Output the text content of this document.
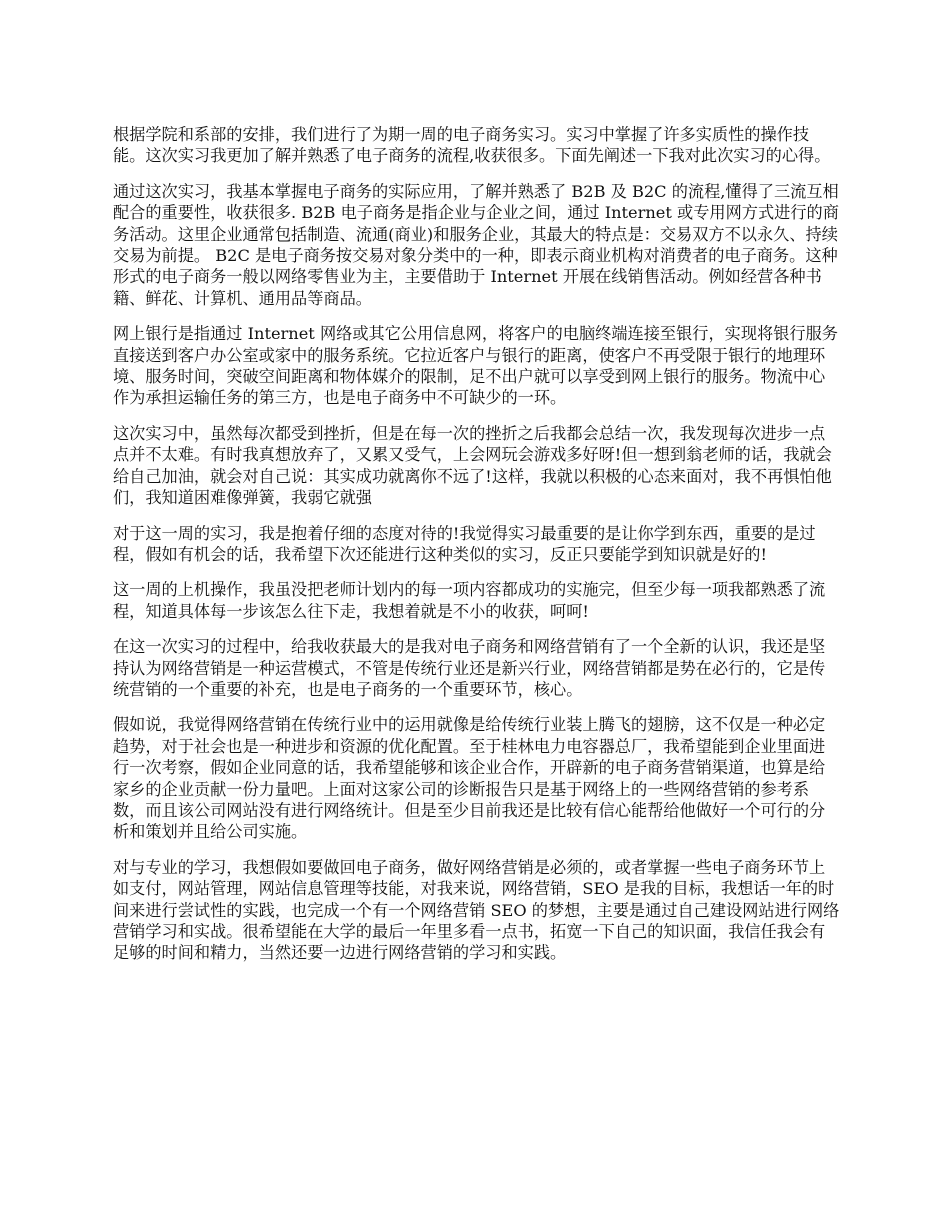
根据学院和系部的安排，我们进行了为期一周的电子商务实习。实习中掌握了许多实质性的操作技能。这次实习我更加了解并熟悉了电子商务的流程,收获很多。下面先阐述一下我对此次实习的心得。

通过这次实习，我基本掌握电子商务的实际应用，了解并熟悉了 B2B 及 B2C 的流程,懂得了三流互相配合的重要性，收获很多. B2B 电子商务是指企业与企业之间，通过 Internet 或专用网方式进行的商务活动。这里企业通常包括制造、流通(商业)和服务企业，其最大的特点是：交易双方不以永久、持续交易为前提。 B2C 是电子商务按交易对象分类中的一种，即表示商业机构对消费者的电子商务。这种形式的电子商务一般以网络零售业为主，主要借助于 Internet 开展在线销售活动。例如经营各种书籍、鲜花、计算机、通用品等商品。

网上银行是指通过 Internet 网络或其它公用信息网，将客户的电脑终端连接至银行，实现将银行服务直接送到客户办公室或家中的服务系统。它拉近客户与银行的距离，使客户不再受限于银行的地理环境、服务时间，突破空间距离和物体媒介的限制，足不出户就可以享受到网上银行的服务。物流中心作为承担运输任务的第三方，也是电子商务中不可缺少的一环。

这次实习中，虽然每次都受到挫折，但是在每一次的挫折之后我都会总结一次，我发现每次进步一点点并不太难。有时我真想放弃了，又累又受气，上会网玩会游戏多好呀!但一想到翁老师的话，我就会给自己加油，就会对自己说：其实成功就离你不远了!这样，我就以积极的心态来面对，我不再惧怕他们，我知道困难像弹簧，我弱它就强

对于这一周的实习，我是抱着仔细的态度对待的!我觉得实习最重要的是让你学到东西，重要的是过程，假如有机会的话，我希望下次还能进行这种类似的实习，反正只要能学到知识就是好的!

这一周的上机操作，我虽没把老师计划内的每一项内容都成功的实施完，但至少每一项我都熟悉了流程，知道具体每一步该怎么往下走，我想着就是不小的收获，呵呵!

在这一次实习的过程中，给我收获最大的是我对电子商务和网络营销有了一个全新的认识，我还是坚持认为网络营销是一种运营模式，不管是传统行业还是新兴行业，网络营销都是势在必行的，它是传统营销的一个重要的补充，也是电子商务的一个重要环节，核心。

假如说，我觉得网络营销在传统行业中的运用就像是给传统行业装上腾飞的翅膀，这不仅是一种必定趋势，对于社会也是一种进步和资源的优化配置。至于桂林电力电容器总厂，我希望能到企业里面进行一次考察，假如企业同意的话，我希望能够和该企业合作，开辟新的电子商务营销渠道，也算是给家乡的企业贡献一份力量吧。上面对这家公司的诊断报告只是基于网络上的一些网络营销的参考系数，而且该公司网站没有进行网络统计。但是至少目前我还是比较有信心能帮给他做好一个可行的分析和策划并且给公司实施。

对与专业的学习，我想假如要做回电子商务，做好网络营销是必须的，或者掌握一些电子商务环节上如支付，网站管理，网站信息管理等技能，对我来说，网络营销，SEO 是我的目标，我想话一年的时间来进行尝试性的实践，也完成一个有一个网络营销 SEO 的梦想，主要是通过自己建设网站进行网络营销学习和实战。很希望能在大学的最后一年里多看一点书，拓宽一下自己的知识面，我信任我会有足够的时间和精力，当然还要一边进行网络营销的学习和实践。
